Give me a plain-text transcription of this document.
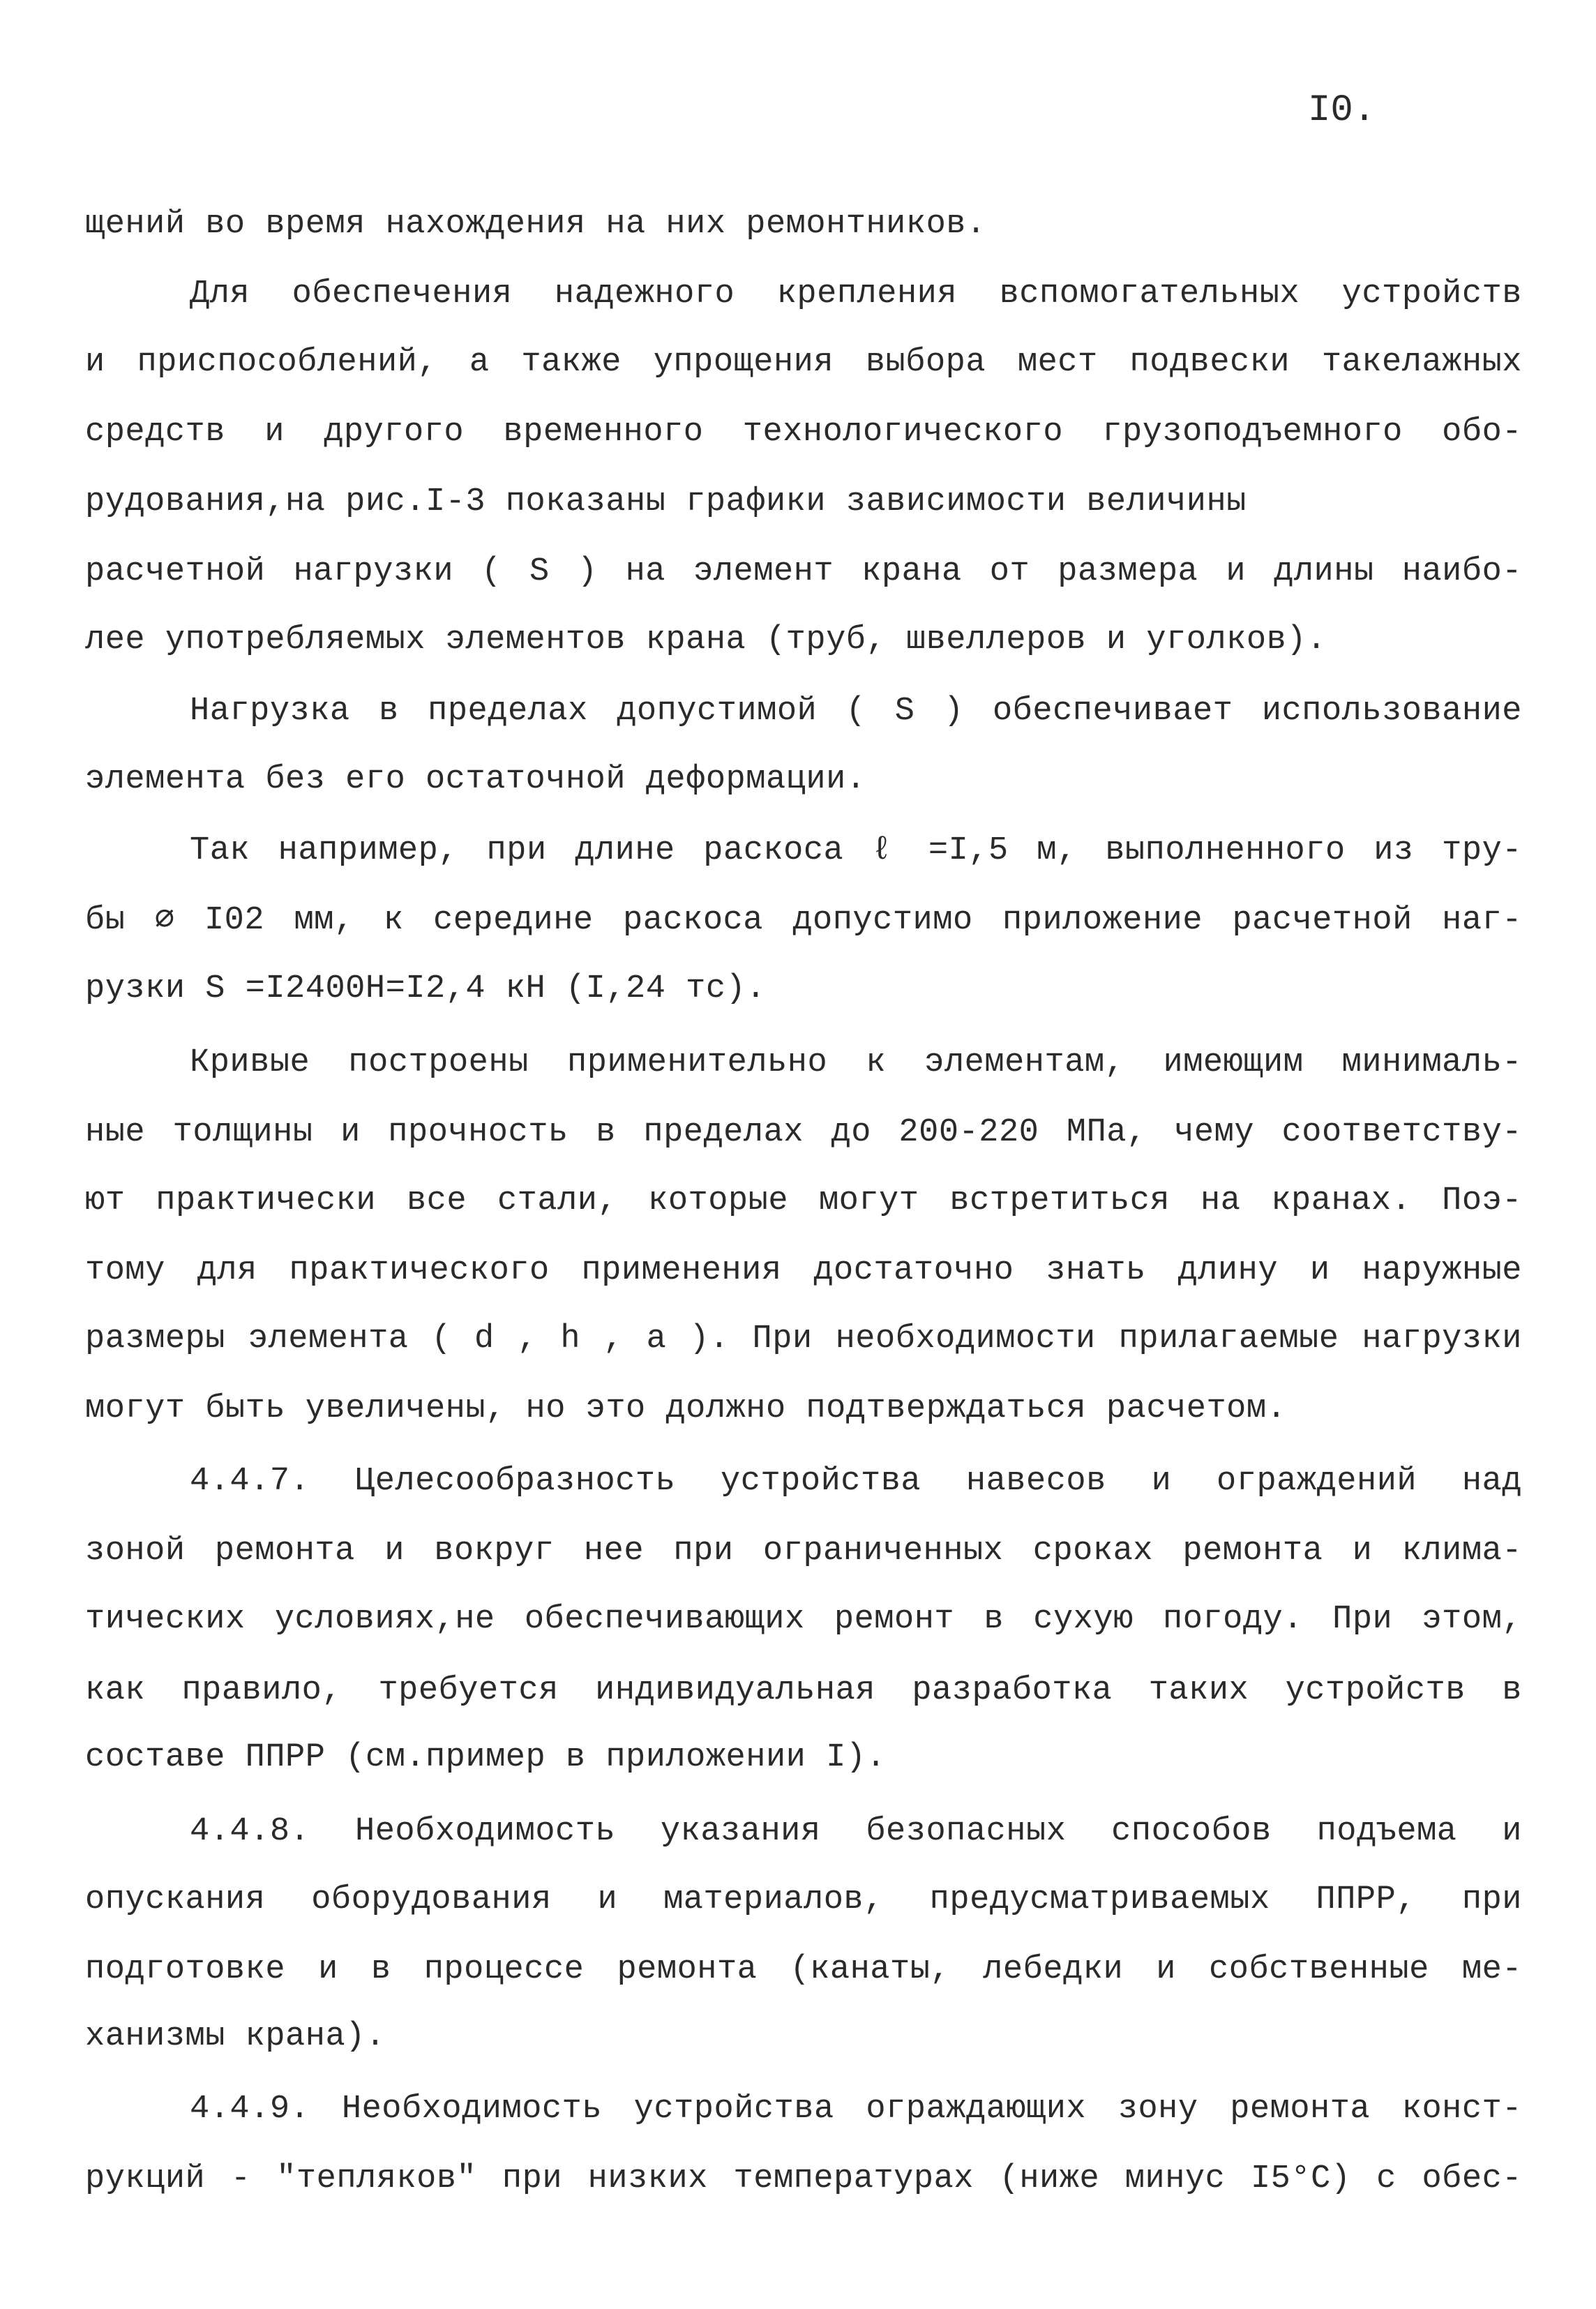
I0.
щений во время нахождения на них ремонтников.
Для обеспечения надежного крепления вспомогательных устройств
и приспособлений, а также упрощения выбора мест подвески такелажных
средств и другого временного технологического грузоподъемного обо-
рудования,на рис.I-3 показаны графики зависимости величины
расчетной нагрузки ( S ) на элемент крана от размера и длины наибо-
лее употребляемых элементов крана (труб, швеллеров и уголков).
Нагрузка в пределах допустимой ( S ) обеспечивает использование
элемента без его остаточной деформации.
Так например, при длине раскоса ℓ =I,5 м, выполненного из тру-
бы ∅ I02 мм, к середине раскоса допустимо приложение расчетной наг-
рузки S =I2400Н=I2,4 кН (I,24 тс).
Кривые построены применительно к элементам, имеющим минималь-
ные толщины и прочность в пределах до 200-220 МПа, чему соответству-
ют практически все стали, которые могут встретиться на кранах. Поэ-
тому для практического применения достаточно знать длину и наружные
размеры элемента ( d , h , a ). При необходимости прилагаемые нагрузки
могут быть увеличены, но это должно подтверждаться расчетом.
4.4.7. Целесообразность устройства навесов и ограждений над
зоной ремонта и вокруг нее при ограниченных сроках ремонта и клима-
тических условиях,не обеспечивающих ремонт в сухую погоду. При этом,
как правило, требуется индивидуальная разработка таких устройств в
составе ППРР (см.пример в приложении I).
4.4.8. Необходимость указания безопасных способов подъема и
опускания оборудования и материалов, предусматриваемых ППРР, при
подготовке и в процессе ремонта (канаты, лебедки и собственные ме-
ханизмы крана).
4.4.9. Необходимость устройства ограждающих зону ремонта конст-
рукций - "тепляков" при низких температурах (ниже минус I5°С) с обес-
